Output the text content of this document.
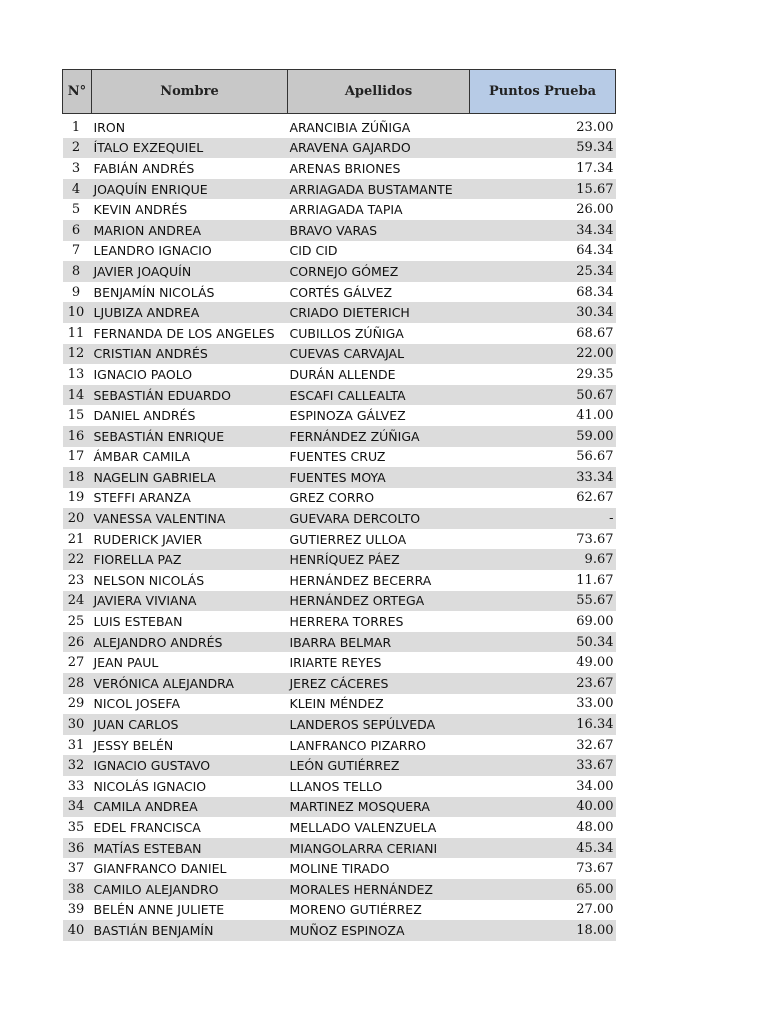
N°	Nombre	Apellidos	Puntos Prueba

1	IRON	ARANCIBIA ZÚÑIGA	23.00
2	ÍTALO EXZEQUIEL	ARAVENA GAJARDO	59.34
3	FABIÁN ANDRÉS	ARENAS BRIONES	17.34
4	JOAQUÍN ENRIQUE	ARRIAGADA BUSTAMANTE	15.67
5	KEVIN ANDRÉS	ARRIAGADA TAPIA	26.00
6	MARION ANDREA	BRAVO VARAS	34.34
7	LEANDRO IGNACIO	CID CID	64.34
8	JAVIER JOAQUÍN	CORNEJO GÓMEZ	25.34
9	BENJAMÍN NICOLÁS	CORTÉS GÁLVEZ	68.34
10	LJUBIZA ANDREA	CRIADO DIETERICH	30.34
11	FERNANDA DE LOS ANGELES	CUBILLOS ZÚÑIGA	68.67
12	CRISTIAN ANDRÉS	CUEVAS CARVAJAL	22.00
13	IGNACIO PAOLO	DURÁN ALLENDE	29.35
14	SEBASTIÁN EDUARDO	ESCAFI CALLEALTA	50.67
15	DANIEL ANDRÉS	ESPINOZA GÁLVEZ	41.00
16	SEBASTIÁN ENRIQUE	FERNÁNDEZ ZÚÑIGA	59.00
17	ÁMBAR CAMILA	FUENTES CRUZ	56.67
18	NAGELIN GABRIELA	FUENTES MOYA	33.34
19	STEFFI ARANZA	GREZ CORRO	62.67
20	VANESSA VALENTINA	GUEVARA DERCOLTO	-
21	RUDERICK JAVIER	GUTIERREZ ULLOA	73.67
22	FIORELLA PAZ	HENRÍQUEZ PÁEZ	9.67
23	NELSON NICOLÁS	HERNÁNDEZ BECERRA	11.67
24	JAVIERA VIVIANA	HERNÁNDEZ ORTEGA	55.67
25	LUIS ESTEBAN	HERRERA TORRES	69.00
26	ALEJANDRO ANDRÉS	IBARRA BELMAR	50.34
27	JEAN PAUL	IRIARTE REYES	49.00
28	VERÓNICA ALEJANDRA	JEREZ CÁCERES	23.67
29	NICOL JOSEFA	KLEIN MÉNDEZ	33.00
30	JUAN CARLOS	LANDEROS SEPÚLVEDA	16.34
31	JESSY BELÉN	LANFRANCO PIZARRO	32.67
32	IGNACIO GUSTAVO	LEÓN GUTIÉRREZ	33.67
33	NICOLÁS IGNACIO	LLANOS TELLO	34.00
34	CAMILA ANDREA	MARTINEZ MOSQUERA	40.00
35	EDEL FRANCISCA	MELLADO VALENZUELA	48.00
36	MATÍAS ESTEBAN	MIANGOLARRA CERIANI	45.34
37	GIANFRANCO DANIEL	MOLINE TIRADO	73.67
38	CAMILO ALEJANDRO	MORALES HERNÁNDEZ	65.00
39	BELÉN ANNE JULIETE	MORENO GUTIÉRREZ	27.00
40	BASTIÁN BENJAMÍN	MUÑOZ ESPINOZA	18.00
